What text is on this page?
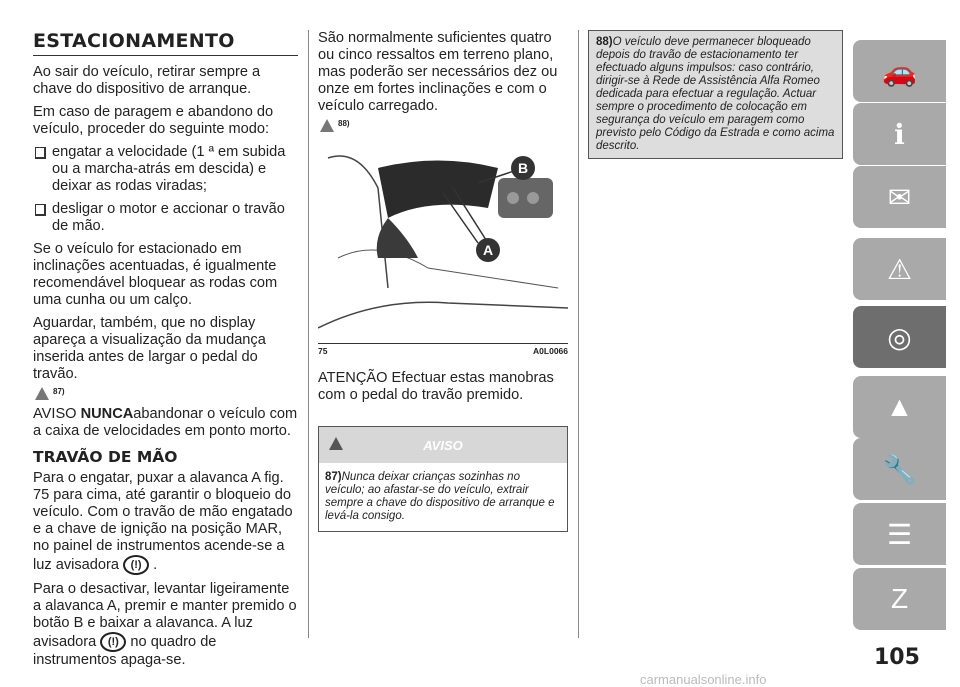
ESTACIONAMENTO

Ao sair do veículo, retirar sempre a chave do dispositivo de arranque.

Em caso de paragem e abandono do veículo, proceder do seguinte modo:

engatar a velocidade (1 ª em subida ou a marcha-atrás em descida) e deixar as rodas viradas;
desligar o motor e accionar o travão de mão.

Se o veículo for estacionado em inclinações acentuadas, é igualmente recomendável bloquear as rodas com uma cunha ou um calço.

Aguardar, também, que no display apareça a visualização da mudança inserida antes de largar o pedal do travão.

87)

AVISO NUNCAabandonar o veículo com a caixa de velocidades em ponto morto.

TRAVÃO DE MÃO

Para o engatar, puxar a alavanca A fig. 75 para cima, até garantir o bloqueio do veículo. Com o travão de mão engatado e a chave de ignição na posição MAR, no painel de instrumentos acende-se a luz avisadora (!) .

Para o desactivar, levantar ligeiramente a alavanca A, premir e manter premido o botão B e baixar a alavanca. A luz avisadora (!) no quadro de instrumentos apaga-se.

São normalmente suficientes quatro ou cinco ressaltos em terreno plano, mas poderão ser necessários dez ou onze em fortes inclinações e com o veículo carregado.

88)
B
A
75	A0L0066

ATENÇÃO Efectuar estas manobras com o pedal do travão premido.

AVISO
87)Nunca deixar crianças sozinhas no veículo; ao afastar-se do veículo, extrair sempre a chave do dispositivo de arranque e levá-la consigo.
88)O veículo deve permanecer bloqueado depois do travão de estacionamento ter efectuado alguns impulsos: caso contrário, dirigir-se à Rede de Assistência Alfa Romeo dedicada para efectuar a regulação. Actuar sempre o procedimento de colocação em segurança do veículo em paragem como previsto pelo Código da Estrada e como acima descrito.
🚗
ℹ
✉
⚠
◎
▲
🔧
☰
Z
105
carmanualsonline.info
